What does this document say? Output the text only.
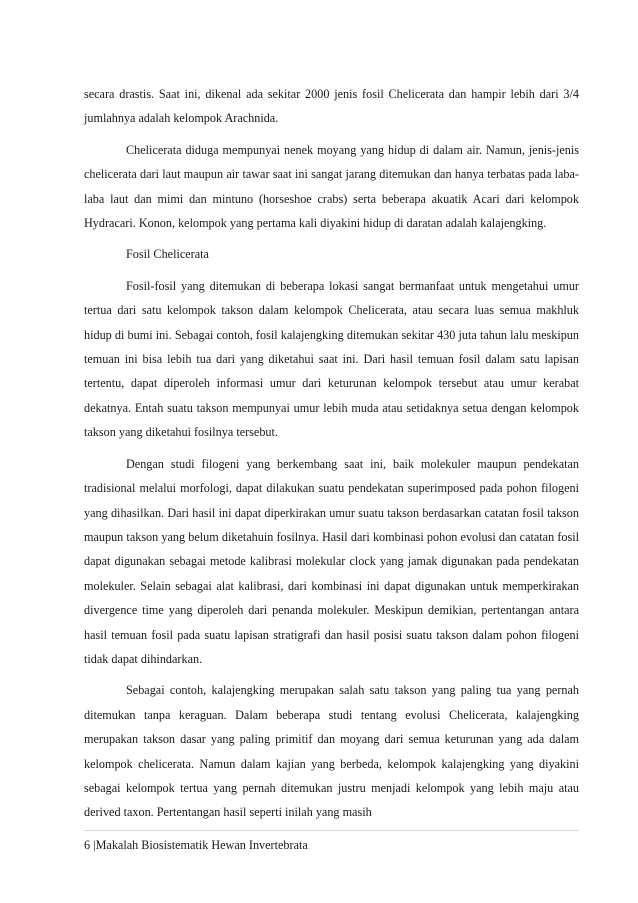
secara drastis. Saat ini, dikenal ada sekitar 2000 jenis fosil Chelicerata dan hampir lebih dari 3/4 jumlahnya adalah kelompok Arachnida.

Chelicerata diduga mempunyai nenek moyang yang hidup di dalam air. Namun, jenis-jenis chelicerata dari laut maupun air tawar saat ini sangat jarang ditemukan dan hanya terbatas pada laba-laba laut dan mimi dan mintuno (horseshoe crabs) serta beberapa akuatik Acari dari kelompok Hydracari. Konon, kelompok yang pertama kali diyakini hidup di daratan adalah kalajengking.

Fosil Chelicerata

Fosil-fosil yang ditemukan di beberapa lokasi sangat bermanfaat untuk mengetahui umur tertua dari satu kelompok takson dalam kelompok Chelicerata, atau secara luas semua makhluk hidup di bumi ini. Sebagai contoh, fosil kalajengking ditemukan sekitar 430 juta tahun lalu meskipun temuan ini bisa lebih tua dari yang diketahui saat ini. Dari hasil temuan fosil dalam satu lapisan tertentu, dapat diperoleh informasi umur dari keturunan kelompok tersebut atau umur kerabat dekatnya. Entah suatu takson mempunyai umur lebih muda atau setidaknya setua dengan kelompok takson yang diketahui fosilnya tersebut.

Dengan studi filogeni yang berkembang saat ini, baik molekuler maupun pendekatan tradisional melalui morfologi, dapat dilakukan suatu pendekatan superimposed pada pohon filogeni yang dihasilkan. Dari hasil ini dapat diperkirakan umur suatu takson berdasarkan catatan fosil takson maupun takson yang belum diketahuin fosilnya. Hasil dari kombinasi pohon evolusi dan catatan fosil dapat digunakan sebagai metode kalibrasi molekular clock yang jamak digunakan pada pendekatan molekuler. Selain sebagai alat kalibrasi, dari kombinasi ini dapat digunakan untuk memperkirakan divergence time yang diperoleh dari penanda molekuler. Meskipun demikian, pertentangan antara hasil temuan fosil pada suatu lapisan stratigrafi dan hasil posisi suatu takson dalam pohon filogeni tidak dapat dihindarkan.

Sebagai contoh, kalajengking merupakan salah satu takson yang paling tua yang pernah ditemukan tanpa keraguan. Dalam beberapa studi tentang evolusi Chelicerata, kalajengking merupakan takson dasar yang paling primitif dan moyang dari semua keturunan yang ada dalam kelompok chelicerata. Namun dalam kajian yang berbeda, kelompok kalajengking yang diyakini sebagai kelompok tertua yang pernah ditemukan justru menjadi kelompok yang lebih maju atau derived taxon. Pertentangan hasil seperti inilah yang masih

6 |Makalah Biosistematik Hewan Invertebrata
